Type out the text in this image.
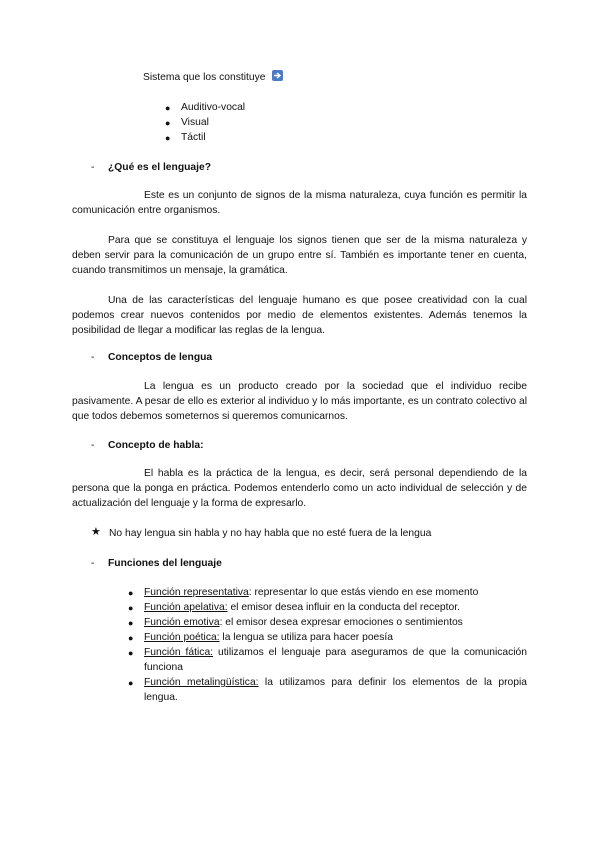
Sistema que los constituye
● Auditivo-vocal
● Visual
● Táctil
- ¿Qué es el lenguaje?

Este es un conjunto de signos de la misma naturaleza, cuya función es permitir la comunicación entre organismos.

Para que se constituya el lenguaje los signos tienen que ser de la misma naturaleza y deben servir para la comunicación de un grupo entre sí. También es importante tener en cuenta, cuando transmitimos un mensaje, la gramática.

Una de las características del lenguaje humano es que posee creatividad con la cual podemos crear nuevos contenidos por medio de elementos existentes. Además tenemos la posibilidad de llegar a modificar las reglas de la lengua.

- Conceptos de lengua

La lengua es un producto creado por la sociedad que el individuo recibe pasivamente. A pesar de ello es exterior al individuo y lo más importante, es un contrato colectivo al que todos debemos someternos si queremos comunicarnos.

- Concepto de habla:

El habla es la práctica de la lengua, es decir, será personal dependiendo de la persona que la ponga en práctica. Podemos entenderlo como un acto individual de selección y de actualización del lenguaje y la forma de expresarlo.

★ No hay lengua sin habla y no hay habla que no esté fuera de la lengua
- Funciones del lenguaje
● Función representativa: representar lo que estás viendo en ese momento
● Función apelativa: el emisor desea influir en la conducta del receptor.
● Función emotiva: el emisor desea expresar emociones o sentimientos
● Función poética: la lengua se utiliza para hacer poesía
● Función fática: utilizamos el lenguaje para aseguramos de que la comunicación funciona
● Función metalingüística: la utilizamos para definir los elementos de la propia lengua.
